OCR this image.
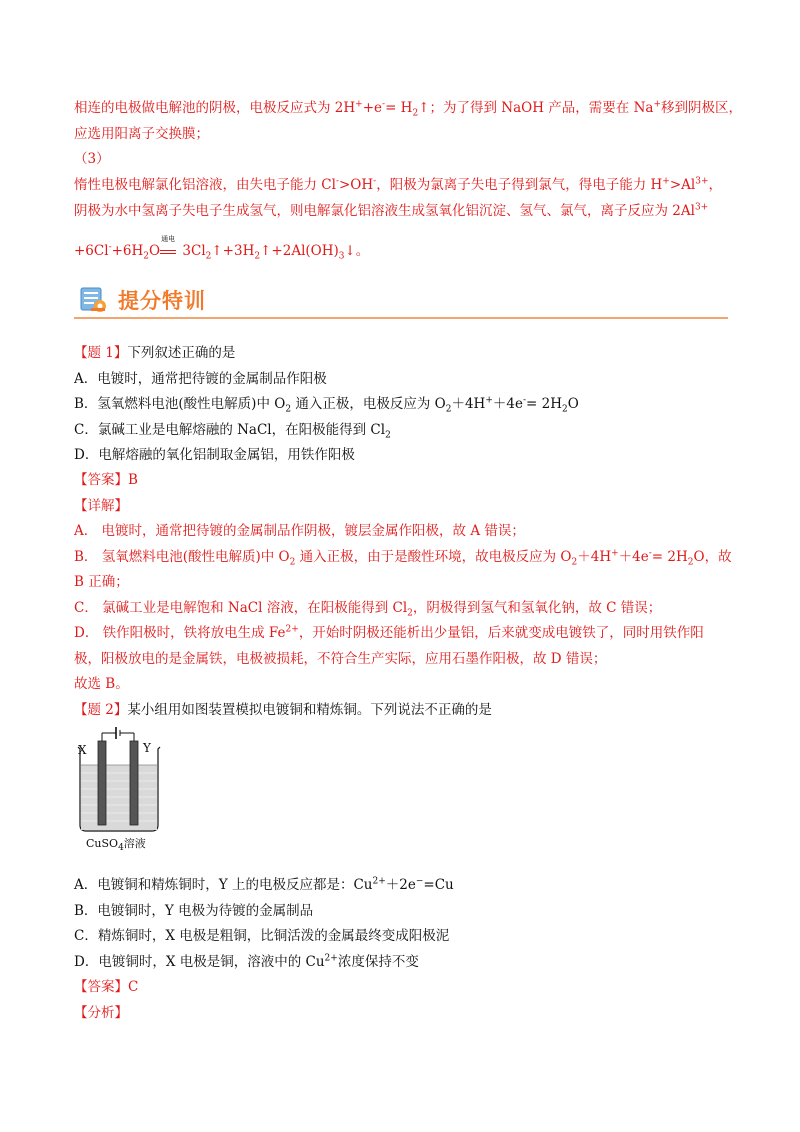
相连的电极做电解池的阴极，电极反应式为 $2H^++e^-= H_2↑$；为了得到 NaOH 产品，需要在 Na+移到阴极区，
应选用阳离子交换膜；
（3）
惰性电极电解氯化铝溶液，由失电子能力 Cl->OH-，阳极为氯离子失电子得到氯气，得电子能力 $H^+>Al^{3+}$，
阴极为水中氢离子失电子生成氢气，则电解氯化铝溶液生成氢氧化铝沉淀、氢气、氯气，离子反应为 $2Al^{3+}$
$+6Cl^-+6H_2O$
通电
$3Cl_2↑+3H_2↑+2Al(OH)_3↓$。
提分特训
【题 1】下列叙述正确的是
A．电镀时，通常把待镀的金属制品作阳极
B．氢氧燃料电池(酸性电解质)中 $O_2$ 通入正极，电极反应为 $O_2+4H^++4e^-= 2H_2O$
C．氯碱工业是电解熔融的 NaCl，在阳极能得到 $Cl_2$
D．电解熔融的氧化铝制取金属铝，用铁作阳极
【答案】B
【详解】
A． 电镀时，通常把待镀的金属制品作阴极，镀层金属作阳极，故 A 错误；
B． 氢氧燃料电池(酸性电解质)中 $O_2$ 通入正极，由于是酸性环境，故电极反应为 $O_2+4H^++4e^-= 2H_2O$，故
B 正确；
C． 氯碱工业是电解饱和 NaCl 溶液，在阳极能得到 $Cl_2$，阴极得到氢气和氢氧化钠，故 C 错误；
D． 铁作阳极时，铁将放电生成 $Fe^{2+}$，开始时阴极还能析出少量铝，后来就变成电镀铁了，同时用铁作阳
极，阳极放电的是金属铁，电极被损耗，不符合生产实际，应用石墨作阳极，故 D 错误；
故选 B。
【题 2】某小组用如图装置模拟电镀铜和精炼铜。下列说法不正确的是
X	Y
CuSO$_4$溶液
A．电镀铜和精炼铜时，Y 上的电极反应都是：$Cu^{2+}+2e^-=Cu$
B．电镀铜时，Y 电极为待镀的金属制品
C．精炼铜时，X 电极是粗铜，比铜活泼的金属最终变成阳极泥
D．电镀铜时，X 电极是铜，溶液中的 $Cu^{2+}$浓度保持不变
【答案】C
【分析】
